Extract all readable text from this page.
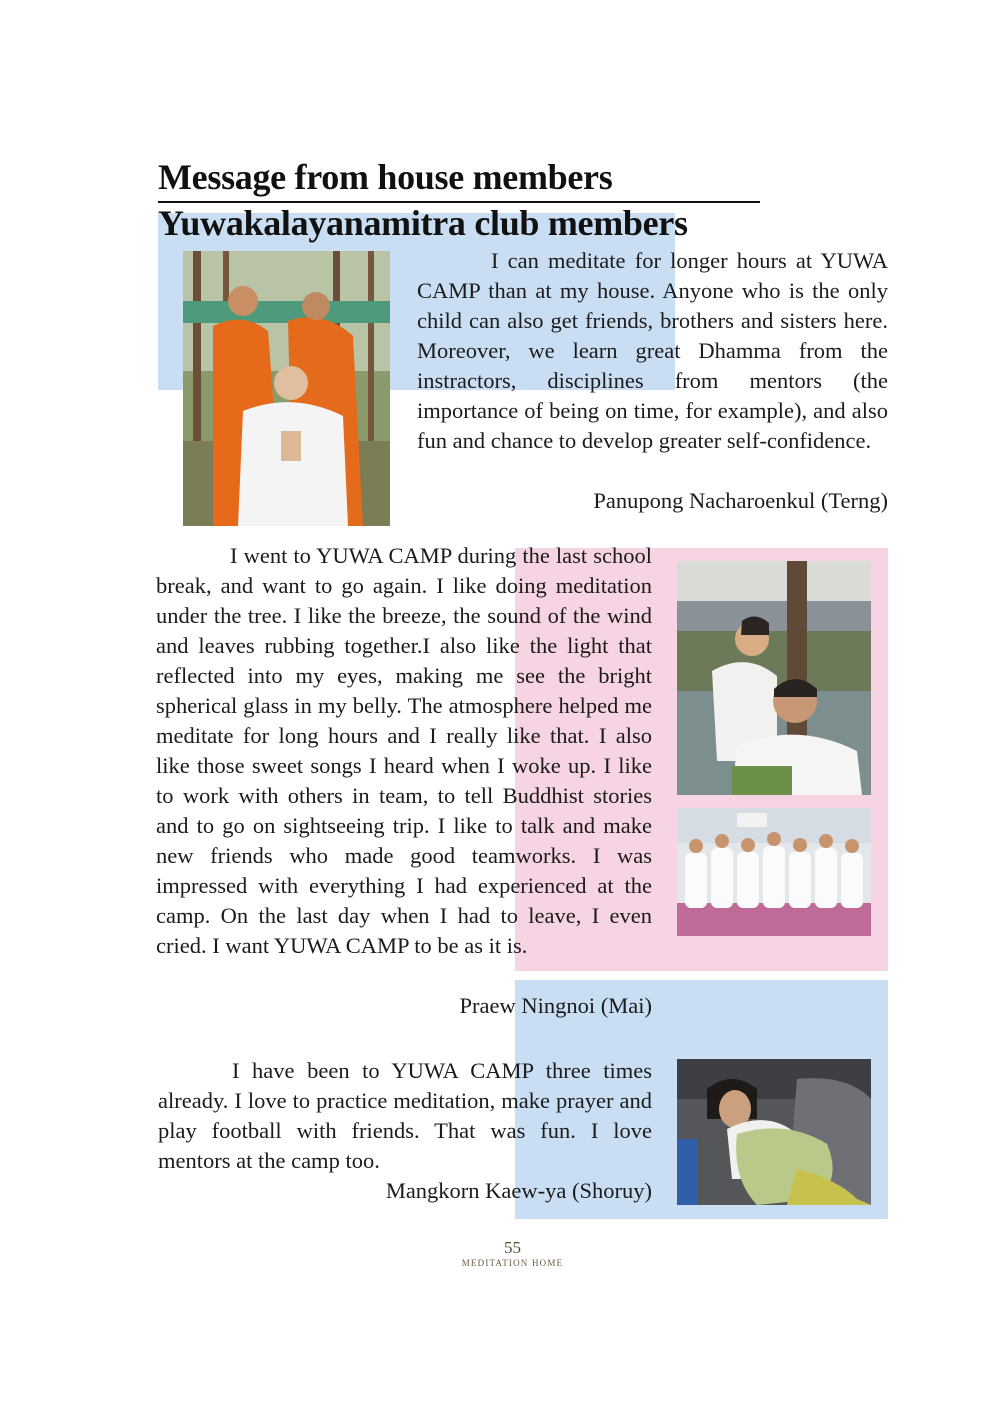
Message from house members
Yuwakalayanamitra club members

I can meditate for longer hours at YUWA CAMP than at my house. Anyone who is the only child can also get friends, brothers and sisters here. Moreover, we learn great Dhamma from the instractors, disciplines from mentors (the importance of being on time, for example), and also fun and chance to develop greater self-confidence.

Panupong Nacharoenkul (Terng)

I went to YUWA CAMP during the last school break, and want to go again. I like doing meditation under the tree. I like the breeze, the sound of the wind and leaves rubbing together.I also like the light that reflected into my eyes, making me see the bright spherical glass in my belly. The atmosphere helped me meditate for long hours and I really like that. I also like those sweet songs I heard when I woke up. I like to work with others in team, to tell Buddhist stories and to go on sightseeing trip. I like to talk and make new friends who made good teamworks. I was impressed with everything I had experienced at the camp. On the last day when I had to leave, I even cried. I want YUWA CAMP to be as it is.

Praew Ningnoi (Mai)

I have been to YUWA CAMP three times already. I love to practice meditation, make prayer and play football with friends. That was fun. I love mentors at the camp too.

Mangkorn Kaew-ya (Shoruy)

55
MEDITATION HOME
